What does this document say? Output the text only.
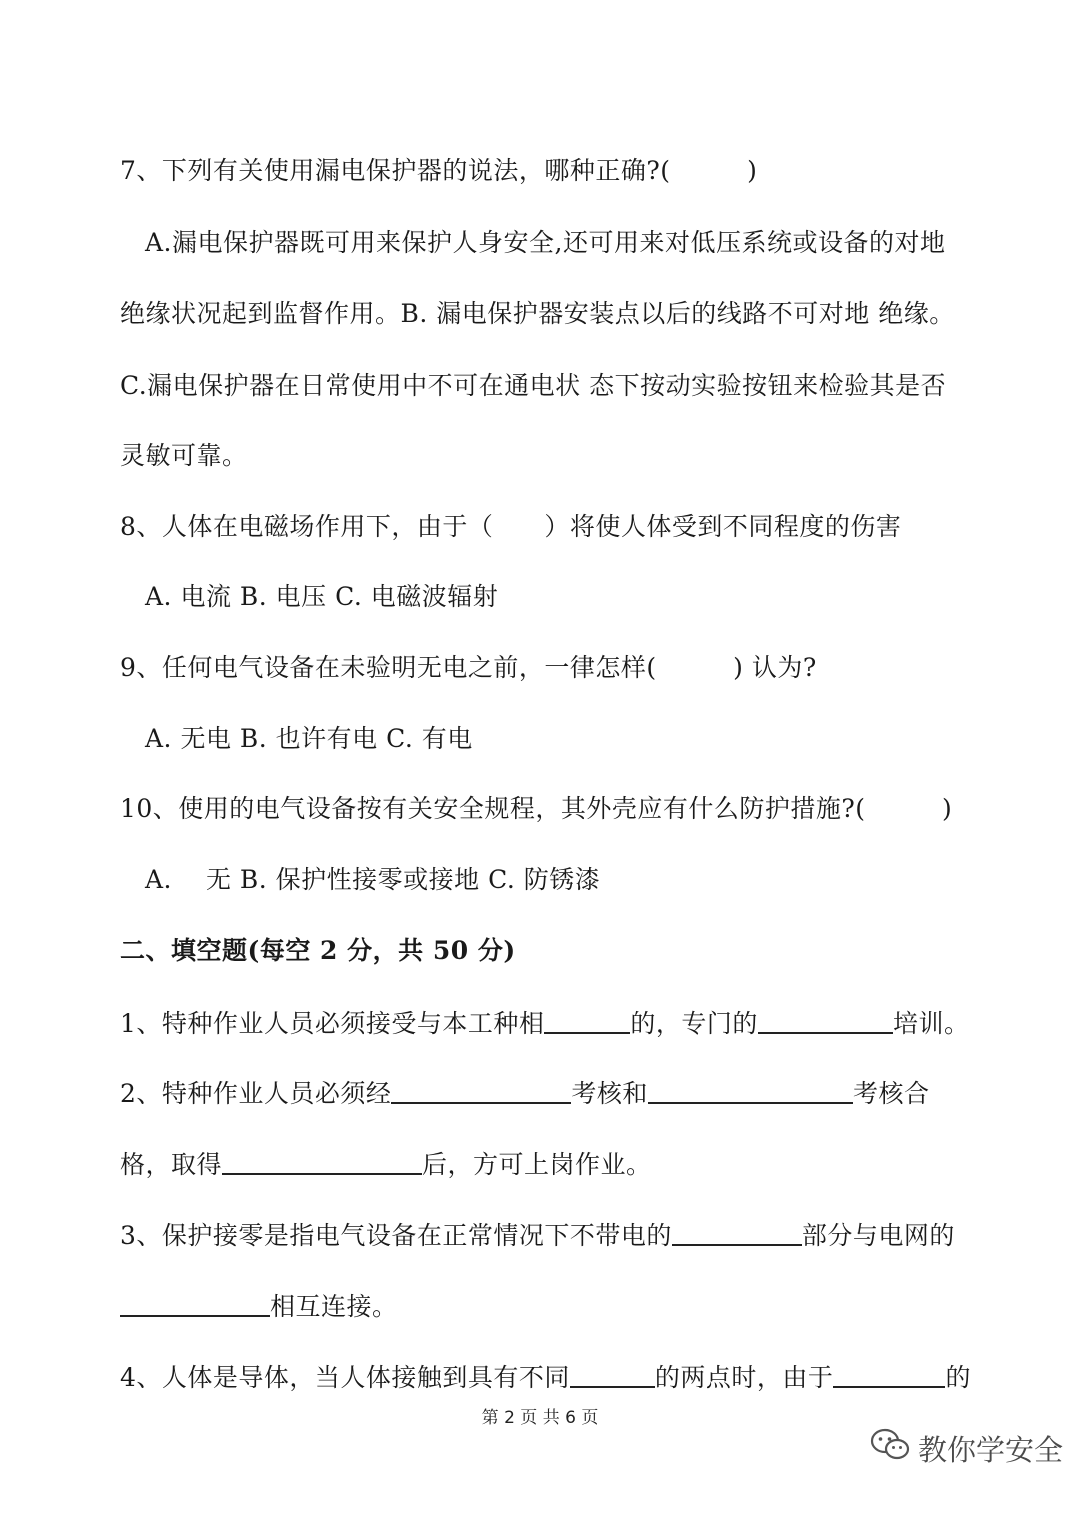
7、下列有关使用漏电保护器的说法，哪种正确?(　　　)
A.漏电保护器既可用来保护人身安全,还可用来对低压系统或设备的对地
绝缘状况起到监督作用。B. 漏电保护器安装点以后的线路不可对地 绝缘。
C.漏电保护器在日常使用中不可在通电状 态下按动实验按钮来检验其是否
灵敏可靠。
8、人体在电磁场作用下，由于（　　）将使人体受到不同程度的伤害
A. 电流 B. 电压 C. 电磁波辐射
9、任何电气设备在未验明无电之前，一律怎样(　　　) 认为?
A. 无电 B. 也许有电 C. 有电
10、使用的电气设备按有关安全规程，其外壳应有什么防护措施?(　　　)
A.　 无 B. 保护性接零或接地 C. 防锈漆
二、填空题(每空 2 分，共 50 分)
1、特种作业人员必须接受与本工种相	的，专门的	培训。
2、特种作业人员必须经	考核和	考核合
格，取得	后，方可上岗作业。
3、保护接零是指电气设备在正常情况下不带电的	部分与电网的
相互连接。
4、人体是导体，当人体接触到具有不同	的两点时，由于	的
第 2 页 共 6 页
教你学安全
